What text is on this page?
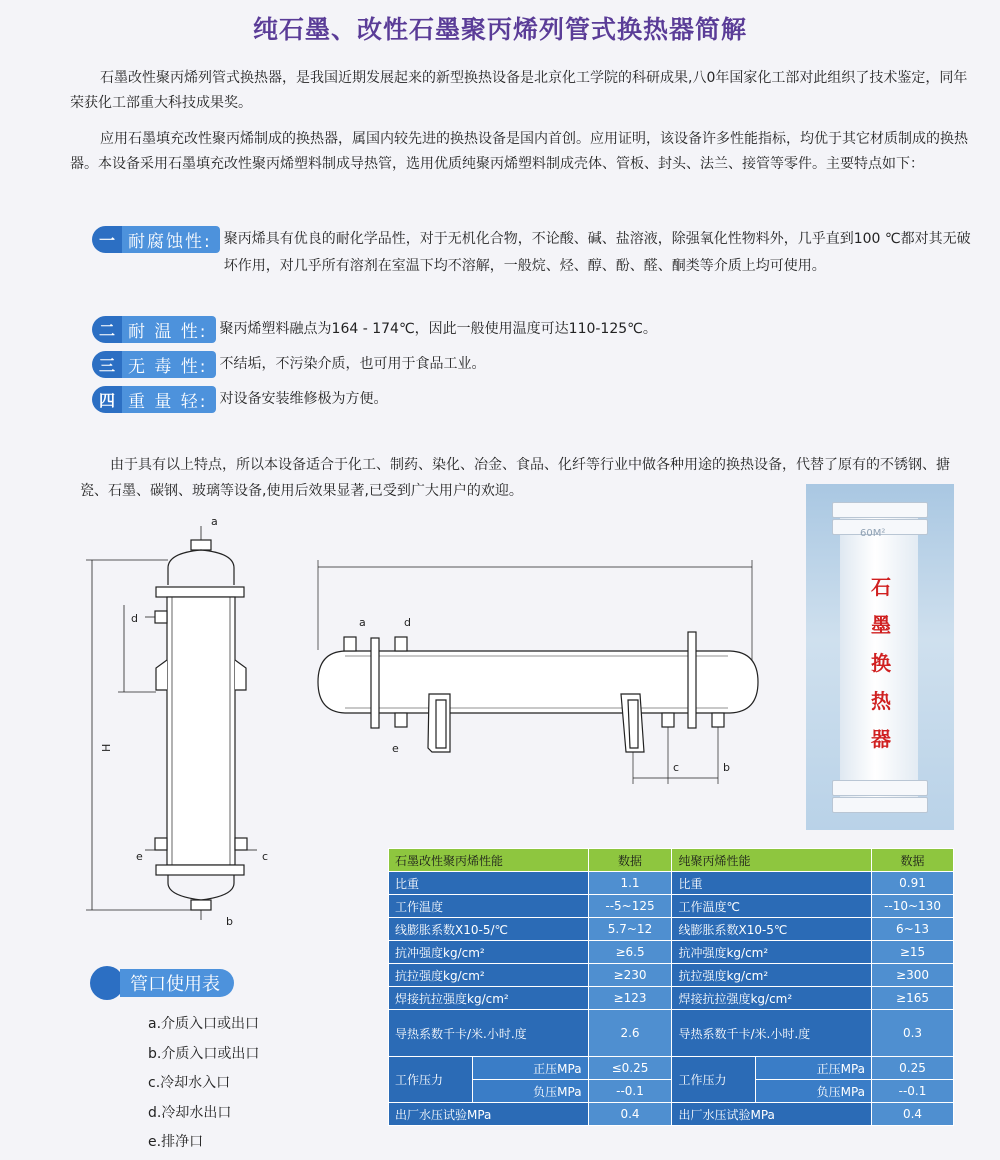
纯石墨、改性石墨聚丙烯列管式换热器简解
石墨改性聚丙烯列管式换热器，是我国近期发展起来的新型换热设备是北京化工学院的科研成果,八0年国家化工部对此组织了技术鉴定，同年荣获化工部重大科技成果奖。
应用石墨填充改性聚丙烯制成的换热器，属国内较先进的换热设备是国内首创。应用证明，该设备许多性能指标，均优于其它材质制成的换热器。本设备采用石墨填充改性聚丙烯塑料制成导热管，选用优质纯聚丙烯塑料制成壳体、管板、封头、法兰、接管等零件。主要特点如下：
一 耐腐蚀性: 聚丙烯具有优良的耐化学品性，对于无机化合物，不论酸、碱、盐溶液，除强氧化性物料外，几乎直到100 ℃都对其无破坏作用，对几乎所有溶剂在室温下均不溶解，一般烷、烃、醇、酚、醛、酮类等介质上均可使用。
二 耐 温 性: 聚丙烯塑料融点为164 - 174℃，因此一般使用温度可达110-125℃。
三 无 毒 性: 不结垢，不污染介质，也可用于食品工业。
四 重 量 轻: 对设备安装维修极为方便。
由于具有以上特点，所以本设备适合于化工、制药、染化、冶金、食品、化纤等行业中做各种用途的换热设备，代替了原有的不锈钢、搪瓷、石墨、碳钢、玻璃等设备,使用后效果显著,已受到广大用户的欢迎。
a
d
H
e	c
b
a	d
e
c	b
60M²
石墨换热器
管口使用表
a.介质入口或出口
b.介质入口或出口
c.冷却水入口
d.冷却水出口
e.排净口
石墨改性聚丙烯性能		数据	纯聚丙烯性能		数据
比重		1.1	比重		0.91
工作温度		--5~125	工作温度℃		--10~130
线膨胀系数X10-5/℃		5.7~12	线膨胀系数X10-5℃		6~13
抗冲强度kg/cm²		≥6.5	抗冲强度kg/cm²		≥15
抗拉强度kg/cm²		≥230	抗拉强度kg/cm²		≥300
焊接抗拉强度kg/cm²		≥123	焊接抗拉强度kg/cm²		≥165
导热系数千卡/米.小时.度		2.6	导热系数千卡/米.小时.度		0.3
工作压力	正压MPa	≤0.25	工作压力	正压MPa	0.25
	负压MPa	--0.1		负压MPa	--0.1
出厂水压试验MPa		0.4	出厂水压试验MPa		0.4
